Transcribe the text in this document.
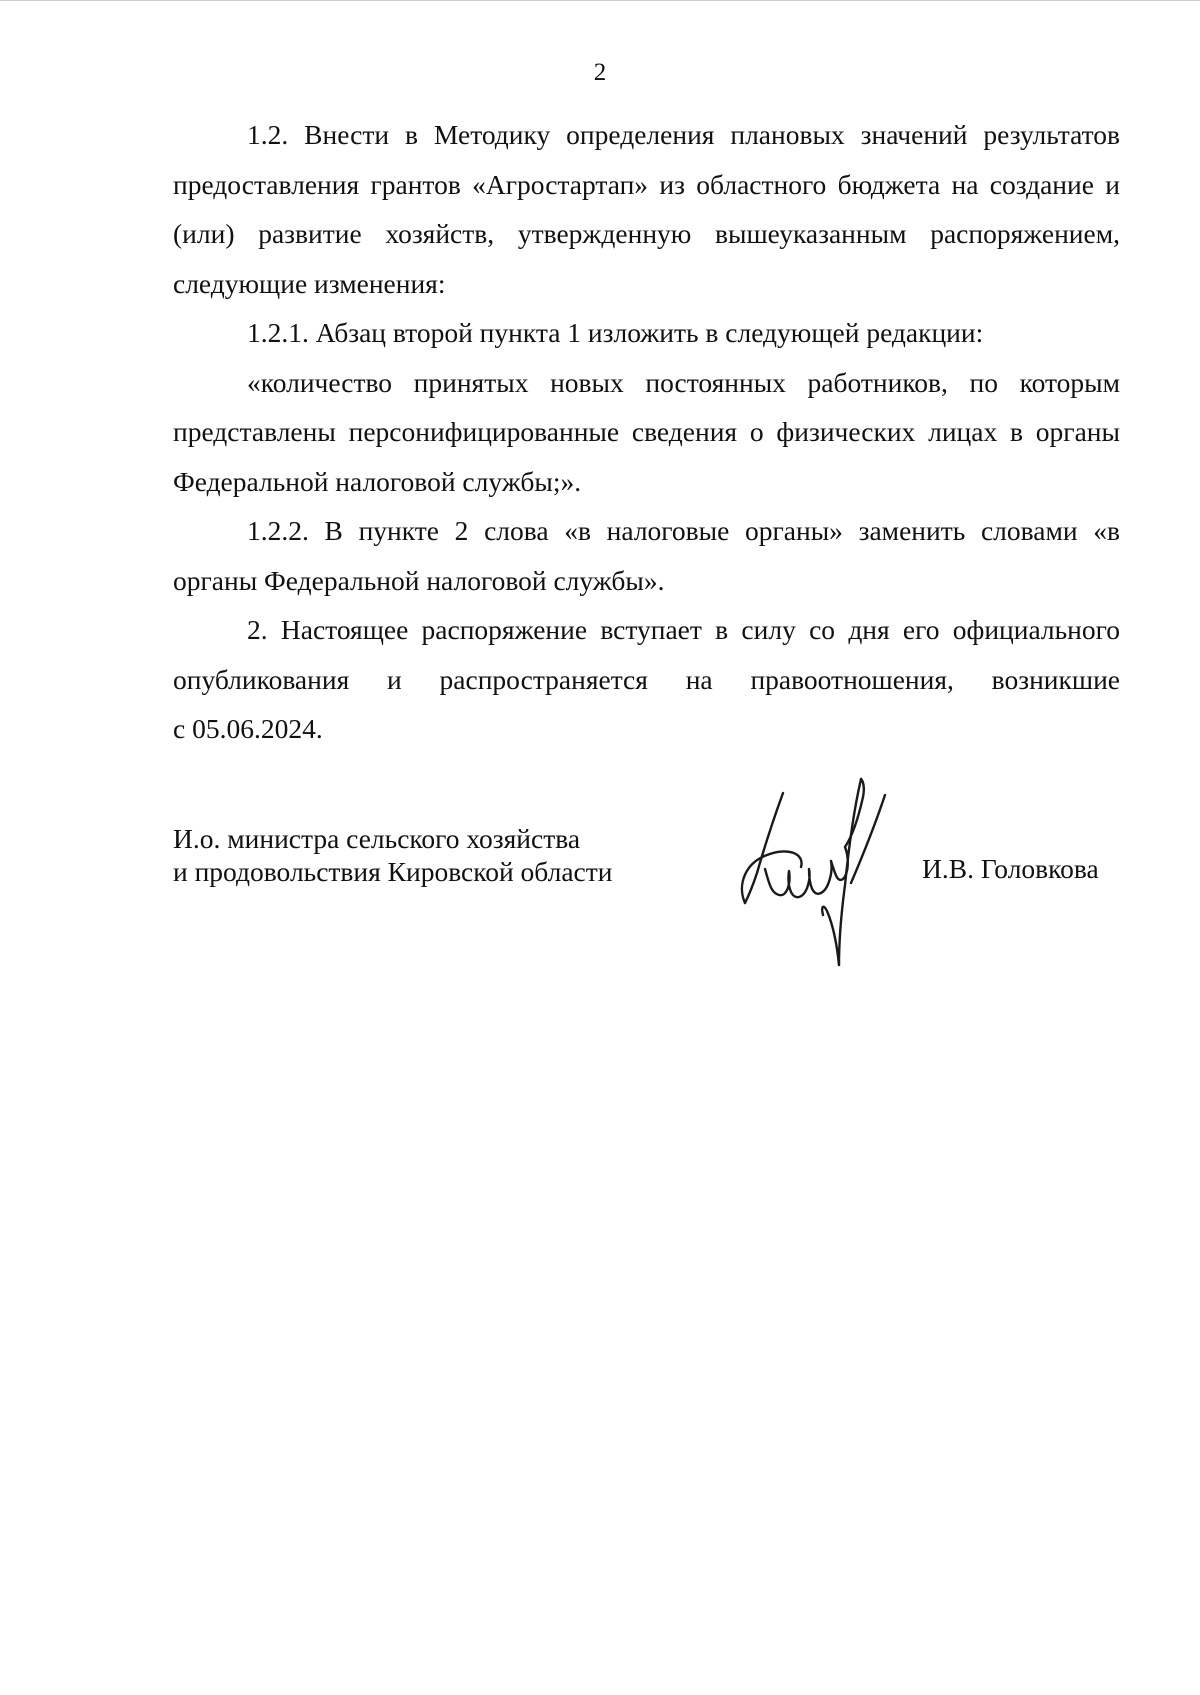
2

1.2. Внести в Методику определения плановых значений результатов предоставления грантов «Агростартап» из областного бюджета на создание и (или) развитие хозяйств, утвержденную вышеуказанным распоряжением, следующие изменения:

1.2.1. Абзац второй пункта 1 изложить в следующей редакции:

«количество принятых новых постоянных работников, по которым представлены персонифицированные сведения о физических лицах в органы Федеральной налоговой службы;».

1.2.2. В пункте 2 слова «в налоговые органы» заменить словами «в органы Федеральной налоговой службы».

2. Настоящее распоряжение вступает в силу со дня его официального опубликования и распространяется на правоотношения, возникшие

с 05.06.2024.

И.о. министра сельского хозяйства
и продовольствия Кировской области	И.В. Головкова
